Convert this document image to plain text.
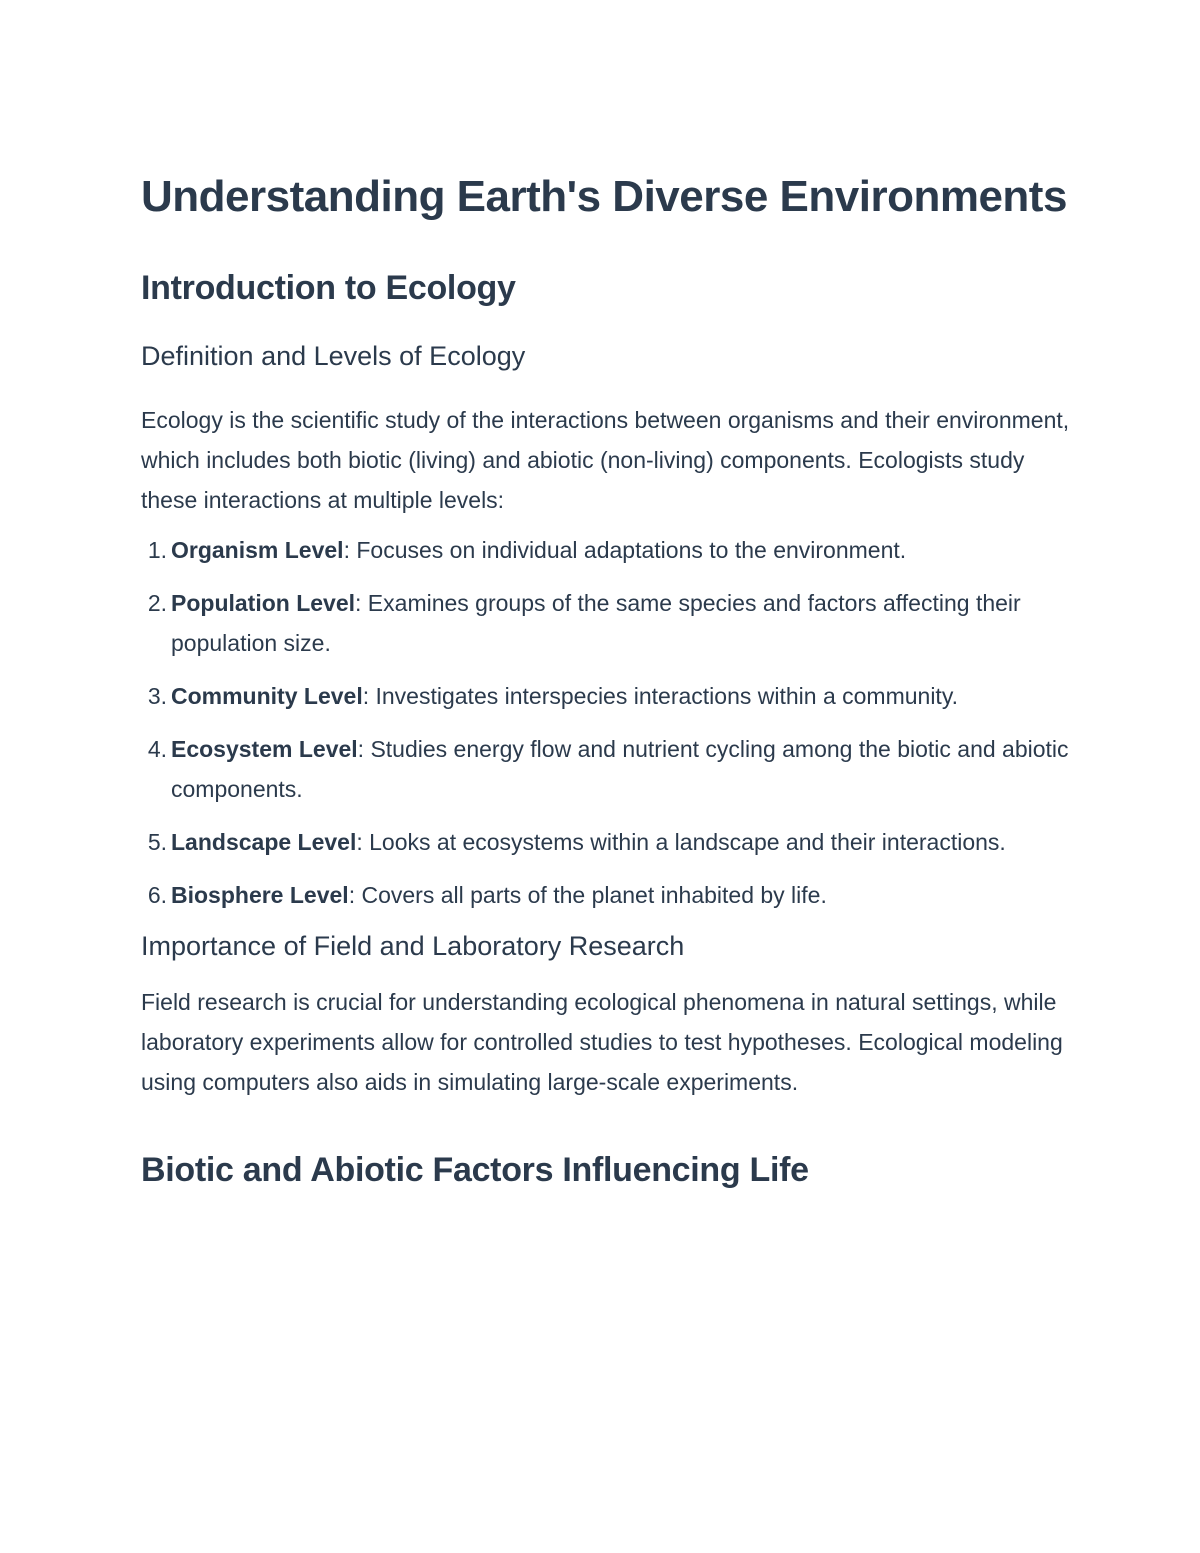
Understanding Earth's Diverse Environments
Introduction to Ecology
Definition and Levels of Ecology

Ecology is the scientific study of the interactions between organisms and their environment, which includes both biotic (living) and abiotic (non-living) components. Ecologists study these interactions at multiple levels:

1. Organism Level: Focuses on individual adaptations to the environment.
2. Population Level: Examines groups of the same species and factors affecting their population size.
3. Community Level: Investigates interspecies interactions within a community.
4. Ecosystem Level: Studies energy flow and nutrient cycling among the biotic and abiotic components.
5. Landscape Level: Looks at ecosystems within a landscape and their interactions.
6. Biosphere Level: Covers all parts of the planet inhabited by life.
Importance of Field and Laboratory Research

Field research is crucial for understanding ecological phenomena in natural settings, while laboratory experiments allow for controlled studies to test hypotheses. Ecological modeling using computers also aids in simulating large-scale experiments.

Biotic and Abiotic Factors Influencing Life
